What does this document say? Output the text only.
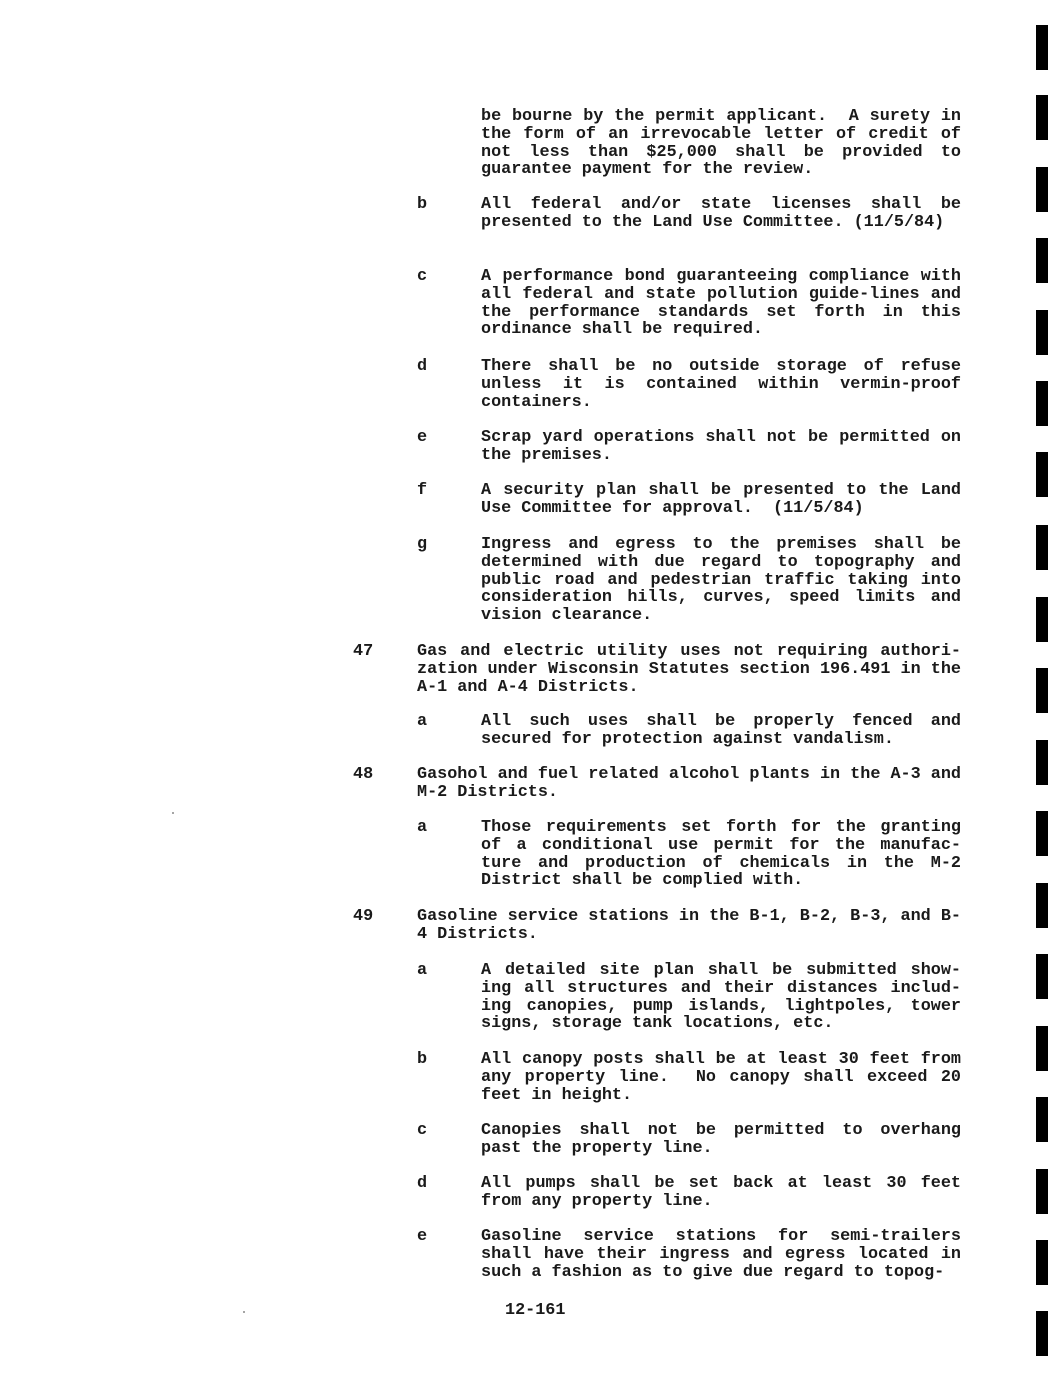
be bourne by the permit applicant.  A surety in the form of an irrevocable letter of credit of not less than $25,000 shall be provided to guarantee payment for the review.
b	All federal and/or state licenses shall be presented to the Land Use Committee. (11/5/84)
c	A performance bond guaranteeing compliance with all federal and state pollution guide-lines and the performance standards set forth in this ordinance shall be required.
d	There shall be no outside storage of refuse unless it is contained within vermin-proof containers.
e	Scrap yard operations shall not be permitted on the premises.
f	A security plan shall be presented to the Land Use Committee for approval.  (11/5/84)
g	Ingress and egress to the premises shall be determined with due regard to topography and public road and pedestrian traffic taking into consideration hills, curves, speed limits and vision clearance.
47	Gas and electric utility uses not requiring authori-zation under Wisconsin Statutes section 196.491 in the A-1 and A-4 Districts.
a	All such uses shall be properly fenced and secured for protection against vandalism.
48	Gasohol and fuel related alcohol plants in the A-3 and M-2 Districts.
a	Those requirements set forth for the granting of a conditional use permit for the manufac-ture and production of chemicals in the M-2 District shall be complied with.
49	Gasoline service stations in the B-1, B-2, B-3, and B-4 Districts.
a	A detailed site plan shall be submitted show-ing all structures and their distances includ-ing canopies, pump islands, lightpoles, tower signs, storage tank locations, etc.
b	All canopy posts shall be at least 30 feet from any property line.  No canopy shall exceed 20 feet in height.
c	Canopies shall not be permitted to overhang past the property line.
d	All pumps shall be set back at least 30 feet from any property line.
e	Gasoline service stations for semi-trailers shall have their ingress and egress located in such a fashion as to give due regard to topog-
12-161
